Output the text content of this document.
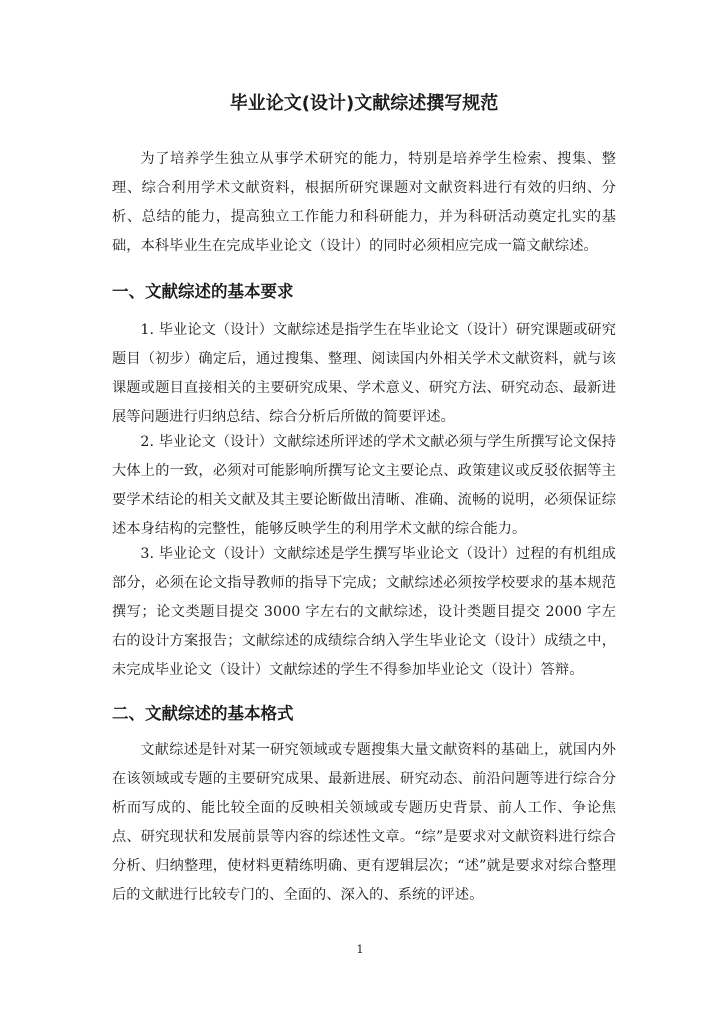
毕业论文(设计)文献综述撰写规范

为了培养学生独立从事学术研究的能力，特别是培养学生检索、搜集、整理、综合利用学术文献资料，根据所研究课题对文献资料进行有效的归纳、分析、总结的能力，提高独立工作能力和科研能力，并为科研活动奠定扎实的基础，本科毕业生在完成毕业论文（设计）的同时必须相应完成一篇文献综述。

一、文献综述的基本要求

1. 毕业论文（设计）文献综述是指学生在毕业论文（设计）研究课题或研究题目（初步）确定后，通过搜集、整理、阅读国内外相关学术文献资料，就与该课题或题目直接相关的主要研究成果、学术意义、研究方法、研究动态、最新进展等问题进行归纳总结、综合分析后所做的简要评述。

2. 毕业论文（设计）文献综述所评述的学术文献必须与学生所撰写论文保持大体上的一致，必须对可能影响所撰写论文主要论点、政策建议或反驳依据等主要学术结论的相关文献及其主要论断做出清晰、准确、流畅的说明，必须保证综述本身结构的完整性，能够反映学生的利用学术文献的综合能力。

3. 毕业论文（设计）文献综述是学生撰写毕业论文（设计）过程的有机组成部分，必须在论文指导教师的指导下完成；文献综述必须按学校要求的基本规范撰写；论文类题目提交 3000 字左右的文献综述，设计类题目提交 2000 字左右的设计方案报告；文献综述的成绩综合纳入学生毕业论文（设计）成绩之中，未完成毕业论文（设计）文献综述的学生不得参加毕业论文（设计）答辩。

二、文献综述的基本格式

文献综述是针对某一研究领域或专题搜集大量文献资料的基础上，就国内外在该领域或专题的主要研究成果、最新进展、研究动态、前沿问题等进行综合分析而写成的、能比较全面的反映相关领域或专题历史背景、前人工作、争论焦点、研究现状和发展前景等内容的综述性文章。“综”是要求对文献资料进行综合分析、归纳整理，使材料更精练明确、更有逻辑层次；“述”就是要求对综合整理后的文献进行比较专门的、全面的、深入的、系统的评述。

1
